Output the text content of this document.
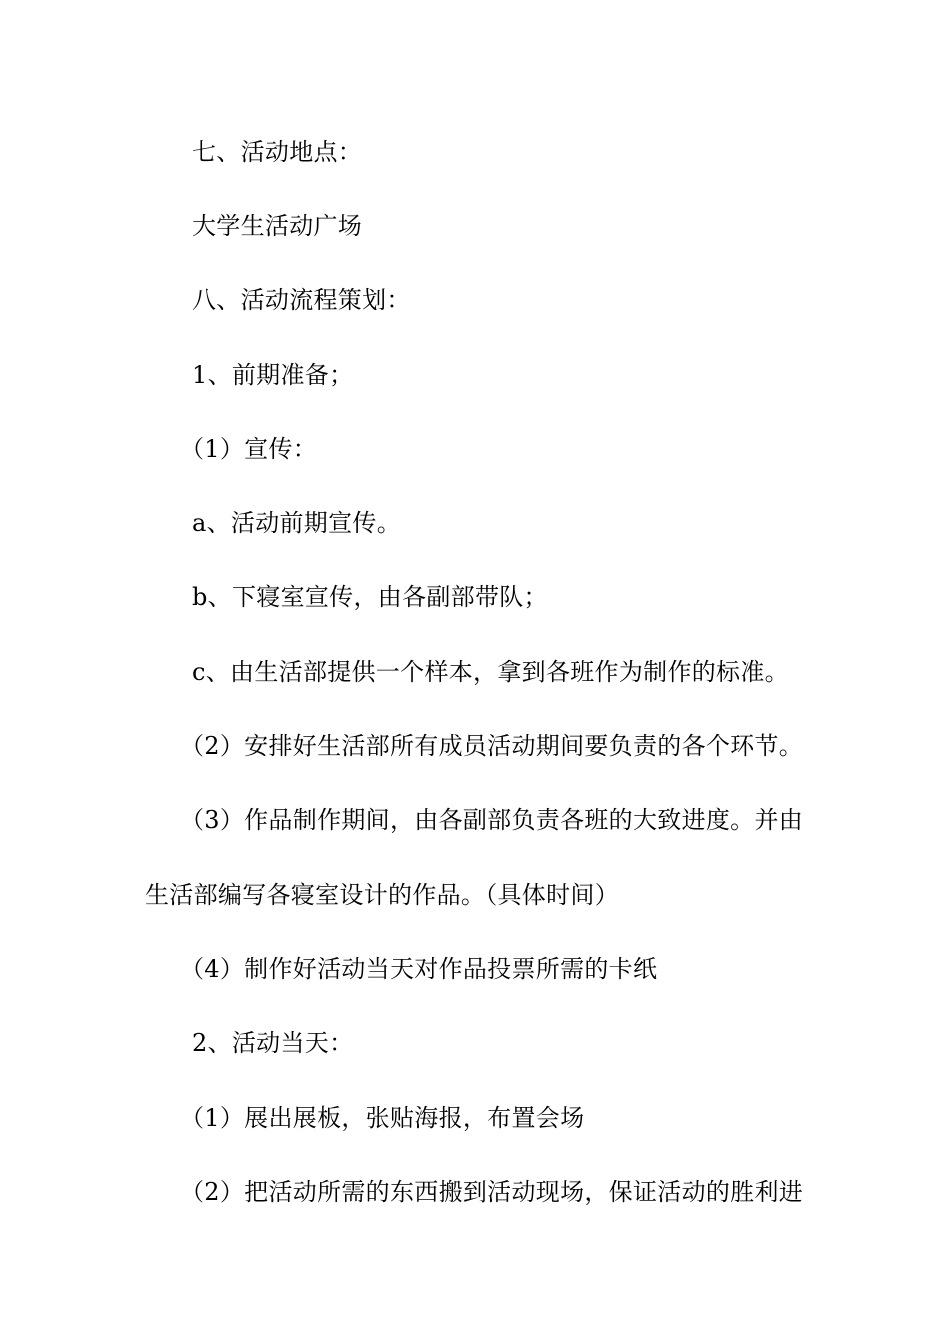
七、活动地点：
大学生活动广场
八、活动流程策划：
1、前期准备；
（1）宣传：
a、活动前期宣传。
b、下寝室宣传，由各副部带队；
c、由生活部提供一个样本，拿到各班作为制作的标准。
（2）安排好生活部所有成员活动期间要负责的各个环节。
（3）作品制作期间，由各副部负责各班的大致进度。并由
生活部编写各寝室设计的作品。（具体时间）
（4）制作好活动当天对作品投票所需的卡纸
2、活动当天：
（1）展出展板，张贴海报，布置会场
（2）把活动所需的东西搬到活动现场，保证活动的胜利进
